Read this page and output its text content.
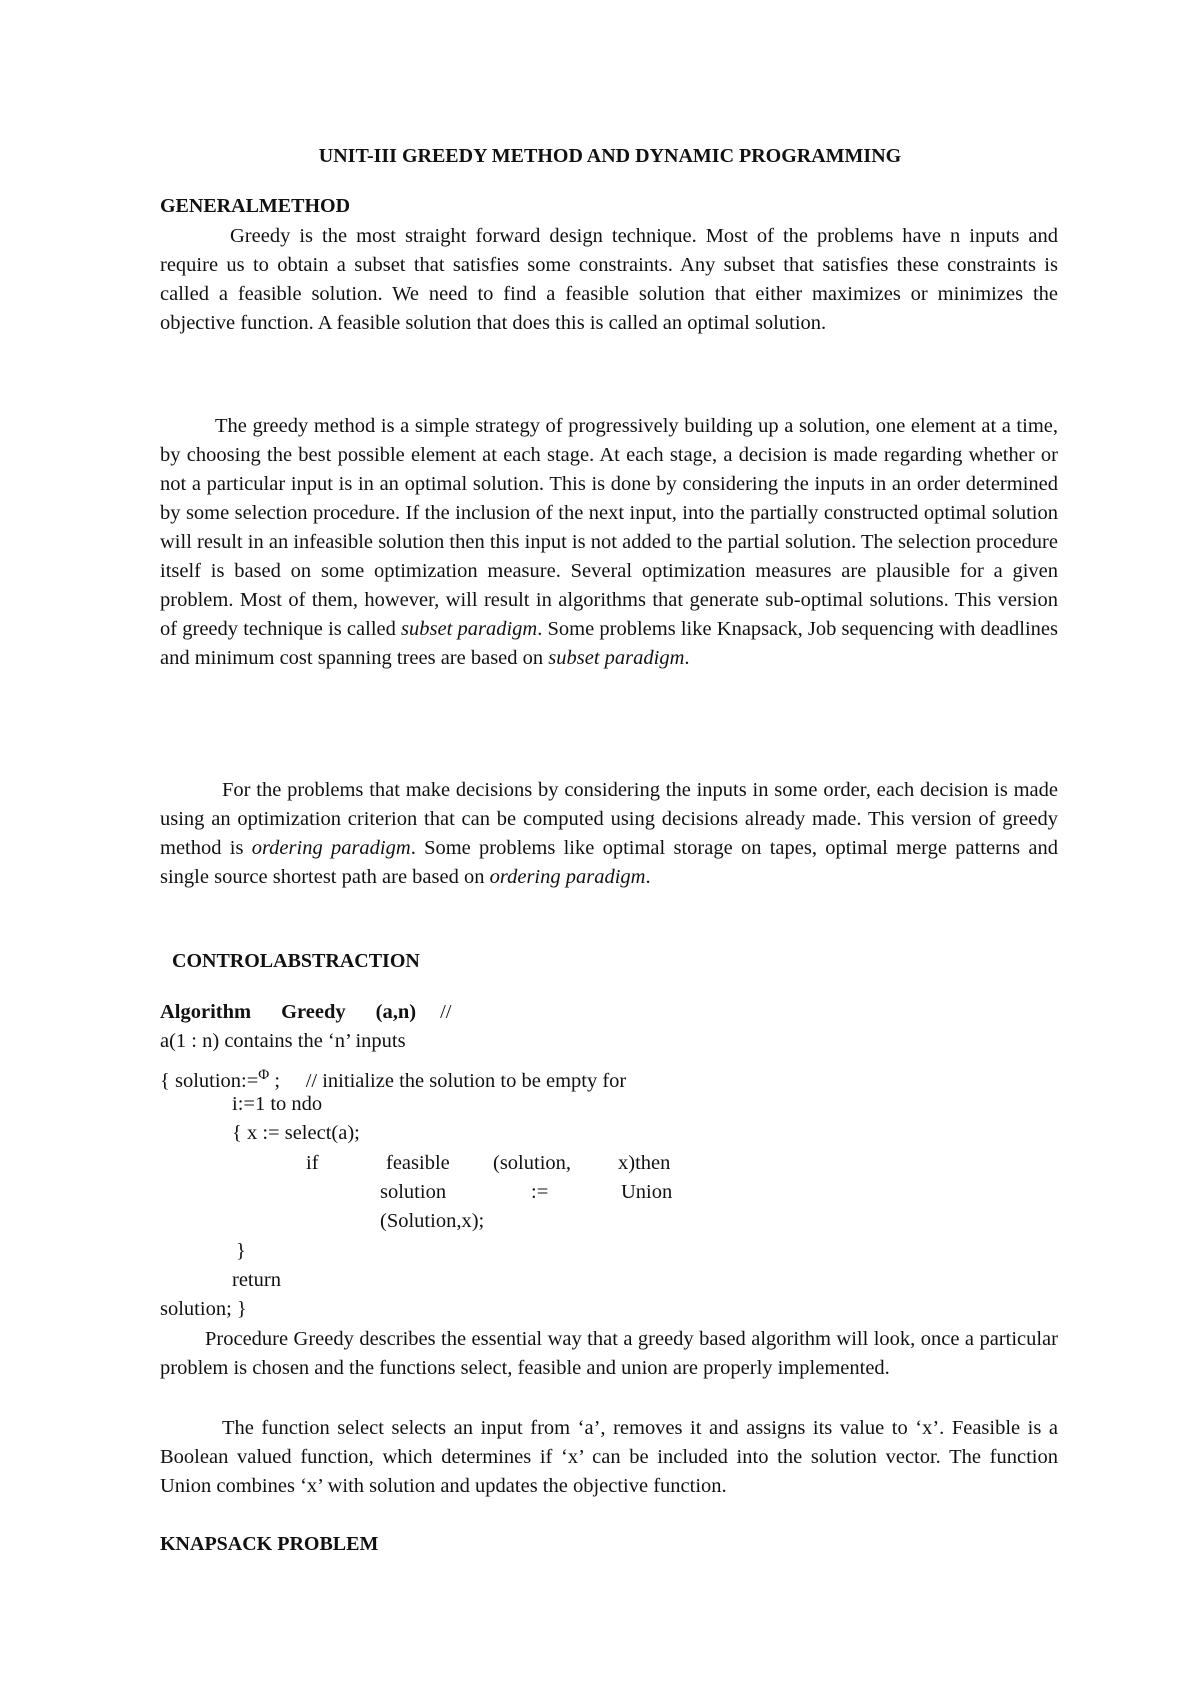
UNIT-III GREEDY METHOD AND DYNAMIC PROGRAMMING
GENERALMETHOD
Greedy is the most straight forward design technique. Most of the problems have n inputs and require us to obtain a subset that satisfies some constraints. Any subset that satisfies these constraints is called a feasible solution. We need to find a feasible solution that either maximizes or minimizes the objective function. A feasible solution that does this is called an optimal solution.
The greedy method is a simple strategy of progressively building up a solution, one element at a time, by choosing the best possible element at each stage. At each stage, a decision is made regarding whether or not a particular input is in an optimal solution. This is done by considering the inputs in an order determined by some selection procedure. If the inclusion of the next input, into the partially constructed optimal solution will result in an infeasible solution then this input is not added to the partial solution. The selection procedure itself is based on some optimization measure. Several optimization measures are plausible for a given problem. Most of them, however, will result in algorithms that generate sub-optimal solutions. This version of greedy technique is called subset paradigm. Some problems like Knapsack, Job sequencing with deadlines and minimum cost spanning trees are based on subset paradigm.
For the problems that make decisions by considering the inputs in some order, each decision is made using an optimization criterion that can be computed using decisions already made. This version of greedy method is ordering paradigm. Some problems like optimal storage on tapes, optimal merge patterns and single source shortest path are based on ordering paradigm.
CONTROLABSTRACTION
Algorithm Greedy (a,n) //
a(1 : n) contains the ‘n’ inputs
{ solution:=$^\Phi$ ;     // initialize the solution to be empty for
i:=1 to ndo
{ x := select(a);
if	feasible (solution, x)then
solution	:=	Union
(Solution,x);
}
return
solution; }
Procedure Greedy describes the essential way that a greedy based algorithm will look, once a particular problem is chosen and the functions select, feasible and union are properly implemented.
The function select selects an input from ‘a’, removes it and assigns its value to ‘x’. Feasible is a Boolean valued function, which determines if ‘x’ can be included into the solution vector. The function Union combines ‘x’ with solution and updates the objective function.
KNAPSACK PROBLEM
